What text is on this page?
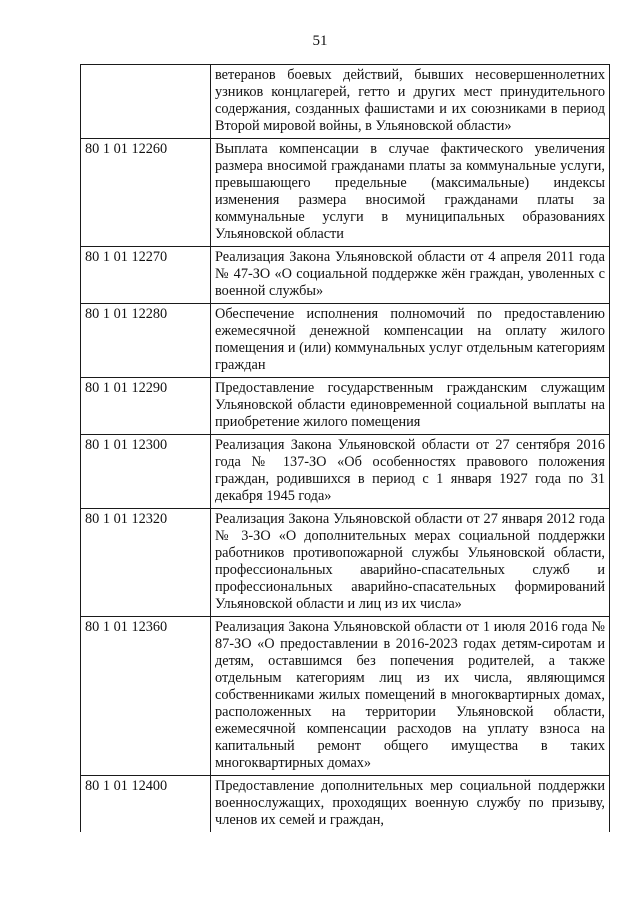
51
	ветеранов боевых действий, бывших несовершеннолетних узников концлагерей, гетто и других мест принудительного содержания, созданных фашистами и их союзниками в период Второй мировой войны, в Ульяновской области»
80 1 01 12260	Выплата компенсации в случае фактического увеличения размера вносимой гражданами платы за коммунальные услуги, превышающего предельные (максимальные) индексы изменения размера вносимой гражданами платы за коммунальные услуги в муниципальных образованиях Ульяновской области
80 1 01 12270	Реализация Закона Ульяновской области от 4 апреля 2011 года № 47-ЗО «О социальной поддержке жён граждан, уволенных с военной службы»
80 1 01 12280	Обеспечение исполнения полномочий по предоставлению ежемесячной денежной компенсации на оплату жилого помещения и (или) коммунальных услуг отдельным категориям граждан
80 1 01 12290	Предоставление государственным гражданским служащим Ульяновской области единовременной социальной выплаты на приобретение жилого помещения
80 1 01 12300	Реализация Закона Ульяновской области от 27 сентября 2016 года № 137-ЗО «Об особенностях правового положения граждан, родившихся в период с 1 января 1927 года по 31 декабря 1945 года»
80 1 01 12320	Реализация Закона Ульяновской области от 27 января 2012 года № 3-ЗО «О дополнительных мерах социальной поддержки работников противопожарной службы Ульяновской области, профессиональных аварийно-спасательных служб и профессиональных аварийно-спасательных формирований Ульяновской области и лиц из их числа»
80 1 01 12360	Реализация Закона Ульяновской области от 1 июля 2016 года № 87-ЗО «О предоставлении в 2016-2023 годах детям-сиротам и детям, оставшимся без попечения родителей, а также отдельным категориям лиц из их числа, являющимся собственниками жилых помещений в многоквартирных домах, расположенных на территории Ульяновской области, ежемесячной компенсации расходов на уплату взноса на капитальный ремонт общего имущества в таких многоквартирных домах»
80 1 01 12400	Предоставление дополнительных мер социальной поддержки военнослужащих, проходящих военную службу по призыву, членов их семей и граждан,
